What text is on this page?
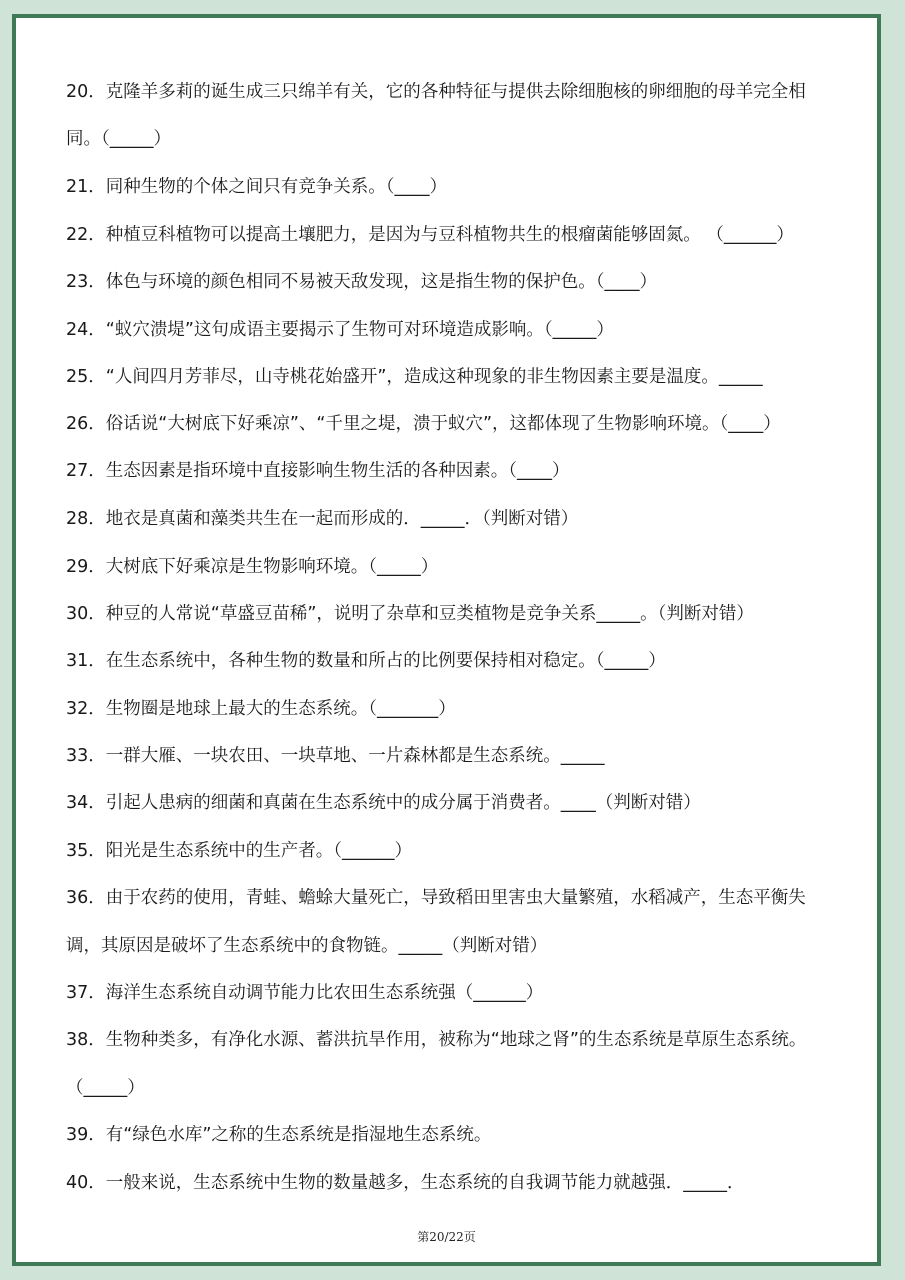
20．克隆羊多莉的诞生成三只绵羊有关，它的各种特征与提供去除细胞核的卵细胞的母羊完全相
同。（_____）
21．同种生物的个体之间只有竞争关系。（____）
22．种植豆科植物可以提高土壤肥力，是因为与豆科植物共生的根瘤菌能够固氮。 （______）
23．体色与环境的颜色相同不易被天敌发现，这是指生物的保护色。（____）
24．“蚁穴溃堤”这句成语主要揭示了生物可对环境造成影响。（_____）
25．“人间四月芳菲尽，山寺桃花始盛开”，造成这种现象的非生物因素主要是温度。_____
26．俗话说“大树底下好乘凉”、“千里之堤，溃于蚁穴”，这都体现了生物影响环境。（____）
27．生态因素是指环境中直接影响生物生活的各种因素。（____）
28．地衣是真菌和藻类共生在一起而形成的．_____．（判断对错）
29．大树底下好乘凉是生物影响环境。（_____）
30．种豆的人常说“草盛豆苗稀”，说明了杂草和豆类植物是竞争关系_____。（判断对错）
31．在生态系统中，各种生物的数量和所占的比例要保持相对稳定。（_____）
32．生物圈是地球上最大的生态系统。（_______）
33．一群大雁、一块农田、一块草地、一片森林都是生态系统。_____
34．引起人患病的细菌和真菌在生态系统中的成分属于消费者。____（判断对错）
35．阳光是生态系统中的生产者。（______）
36．由于农药的使用，青蛙、蟾蜍大量死亡，导致稻田里害虫大量繁殖，水稻减产，生态平衡失
调，其原因是破坏了生态系统中的食物链。_____（判断对错）
37．海洋生态系统自动调节能力比农田生态系统强（______）
38．生物种类多，有净化水源、蓄洪抗旱作用，被称为“地球之肾”的生态系统是草原生态系统。
（_____）
39．有“绿色水库”之称的生态系统是指湿地生态系统。
40．一般来说，生态系统中生物的数量越多，生态系统的自我调节能力就越强．_____．
第20/22页
